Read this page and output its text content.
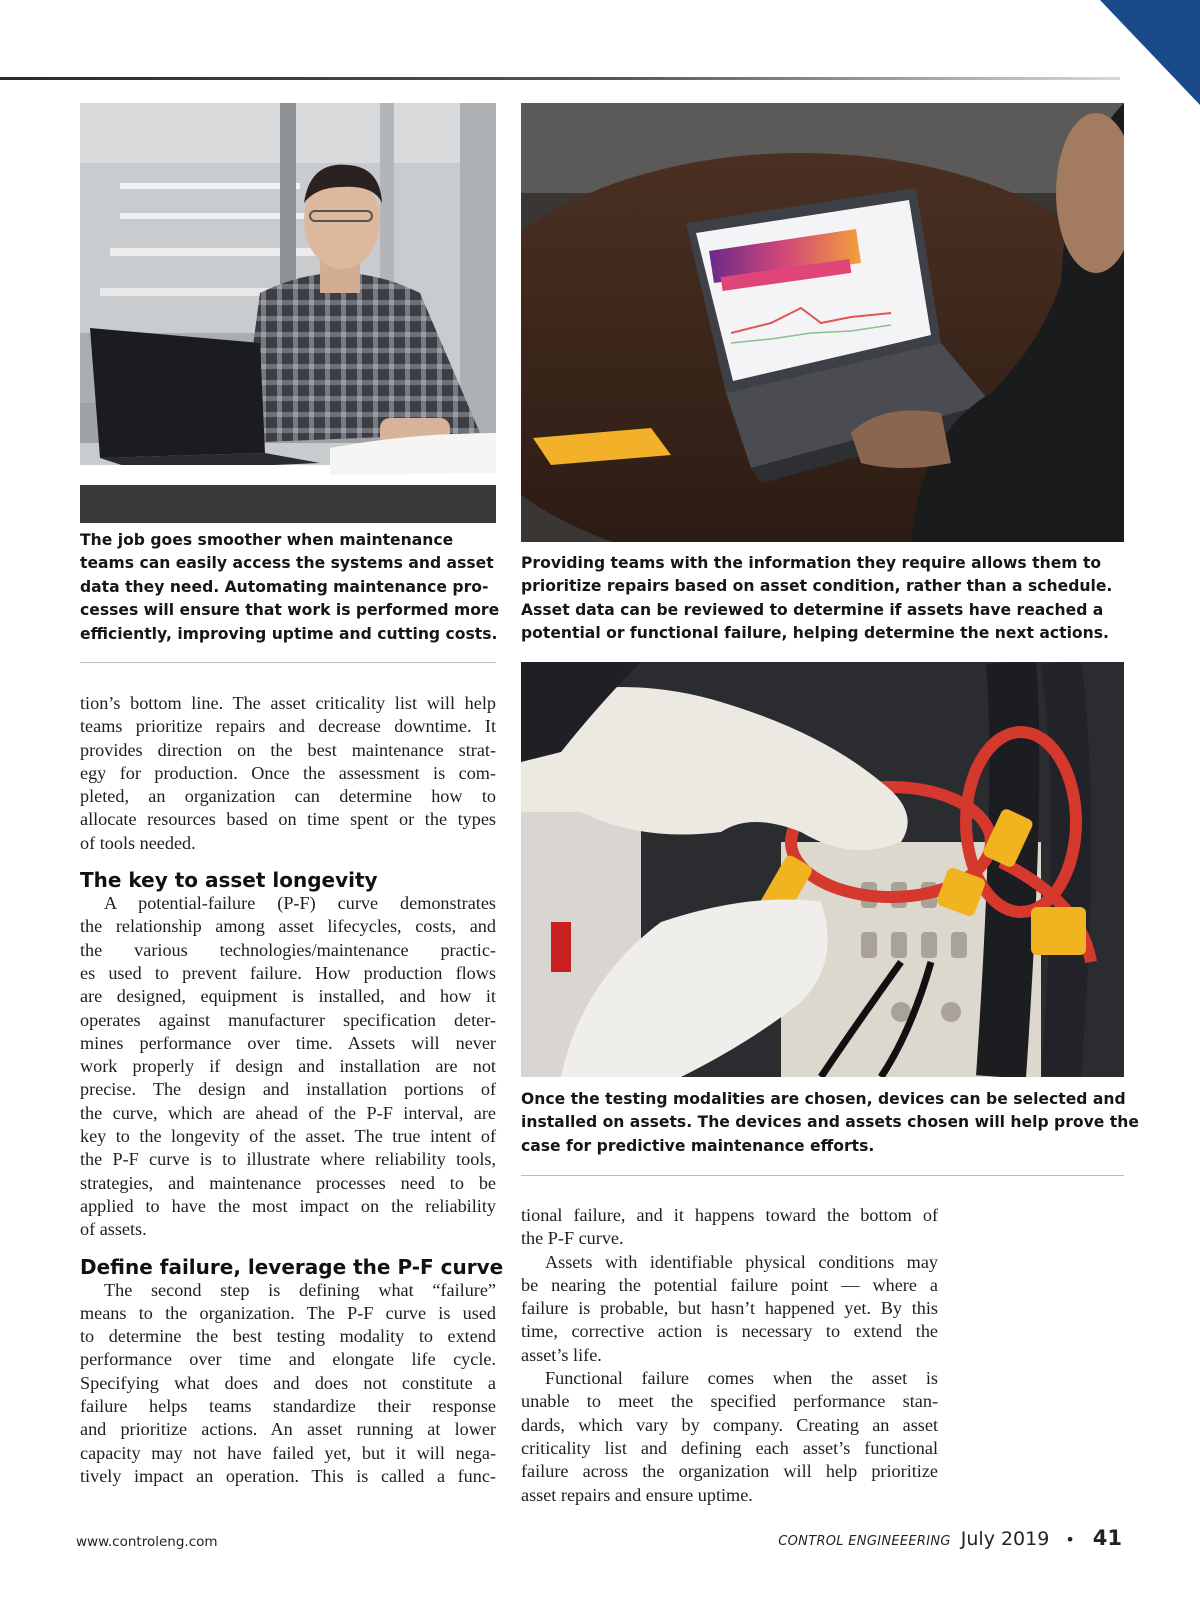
The job goes smoother when maintenance

teams can easily access the systems and asset

data they need. Automating maintenance pro-

cesses will ensure that work is performed more

efficiently, improving uptime and cutting costs.

Providing teams with the information they require allows them to

prioritize repairs based on asset condition, rather than a schedule.

Asset data can be reviewed to determine if assets have reached a

potential or functional failure, helping determine the next actions.

Once the testing modalities are chosen, devices can be selected and

installed on assets. The devices and assets chosen will help prove the

case for predictive maintenance efforts.

tion’s bottom line. The asset criticality list will help
teams prioritize repairs and decrease downtime. It
provides direction on the best maintenance strat-
egy for production. Once the assessment is com-
pleted, an organization can determine how to
allocate resources based on time spent or the types
of tools needed.
The key to asset longevity
A potential-failure (P-F) curve demonstrates
the relationship among asset lifecycles, costs, and
the various technologies/maintenance practic-
es used to prevent failure. How production flows
are designed, equipment is installed, and how it
operates against manufacturer specification deter-
mines performance over time. Assets will never
work properly if design and installation are not
precise. The design and installation portions of
the curve, which are ahead of the P-F interval, are
key to the longevity of the asset. The true intent of
the P-F curve is to illustrate where reliability tools,
strategies, and maintenance processes need to be
applied to have the most impact on the reliability
of assets.
Define failure, leverage the P-F curve
The second step is defining what “failure”
means to the organization. The P-F curve is used
to determine the best testing modality to extend
performance over time and elongate life cycle.
Specifying what does and does not constitute a
failure helps teams standardize their response
and prioritize actions. An asset running at lower
capacity may not have failed yet, but it will nega-
tively impact an operation. This is called a func-
tional failure, and it happens toward the bottom of
the P-F curve.
Assets with identifiable physical conditions may
be nearing the potential failure point — where a
failure is probable, but hasn’t happened yet. By this
time, corrective action is necessary to extend the
asset’s life.
Functional failure comes when the asset is
unable to meet the specified performance stan-
dards, which vary by company. Creating an asset
criticality list and defining each asset’s functional
failure across the organization will help prioritize
asset repairs and ensure uptime.
www.controleng.com	CONTROL ENGINEEERING July 2019 • 41
